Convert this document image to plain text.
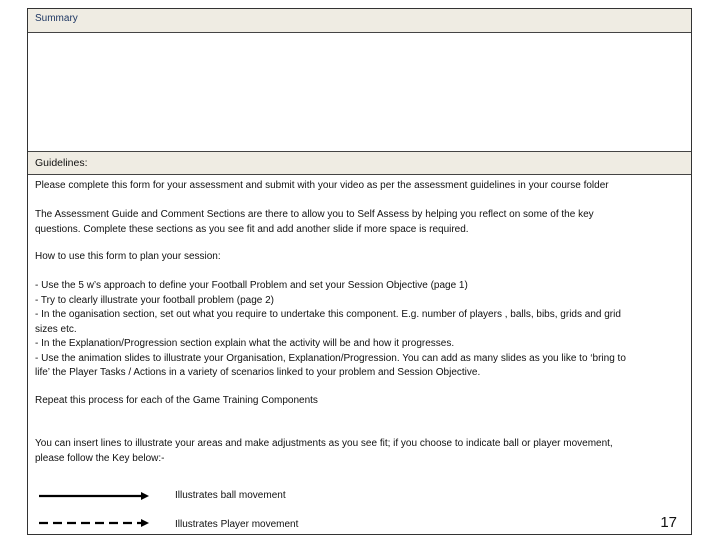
Summary
Guidelines:
Please complete this form for your assessment and submit with your video as per the assessment guidelines in your course folder
The Assessment Guide and Comment Sections are there to allow you to Self Assess by helping you reflect on some of the key
questions. Complete these sections as you see fit and add another slide if more space is required.
How to use this form to plan your session:
- Use the 5 w’s approach to define your Football Problem and set your Session Objective (page 1)
- Try to clearly illustrate your football problem (page 2)
- In the oganisation section, set out what you require to undertake this component. E.g. number of players , balls, bibs, grids and grid
sizes etc.
- In the Explanation/Progression section explain what the activity will be and how it progresses.
- Use the animation slides to illustrate your Organisation, Explanation/Progression. You can add as many slides as you like to ‘bring to
life’ the Player Tasks / Actions in a variety of scenarios linked to your problem and Session Objective.
Repeat this process for each of the Game Training Components
You can insert lines to illustrate your areas and make adjustments as you see fit; if you choose to indicate ball or player movement,
please follow the Key below:-
Illustrates ball movement
Illustrates Player movement	17
